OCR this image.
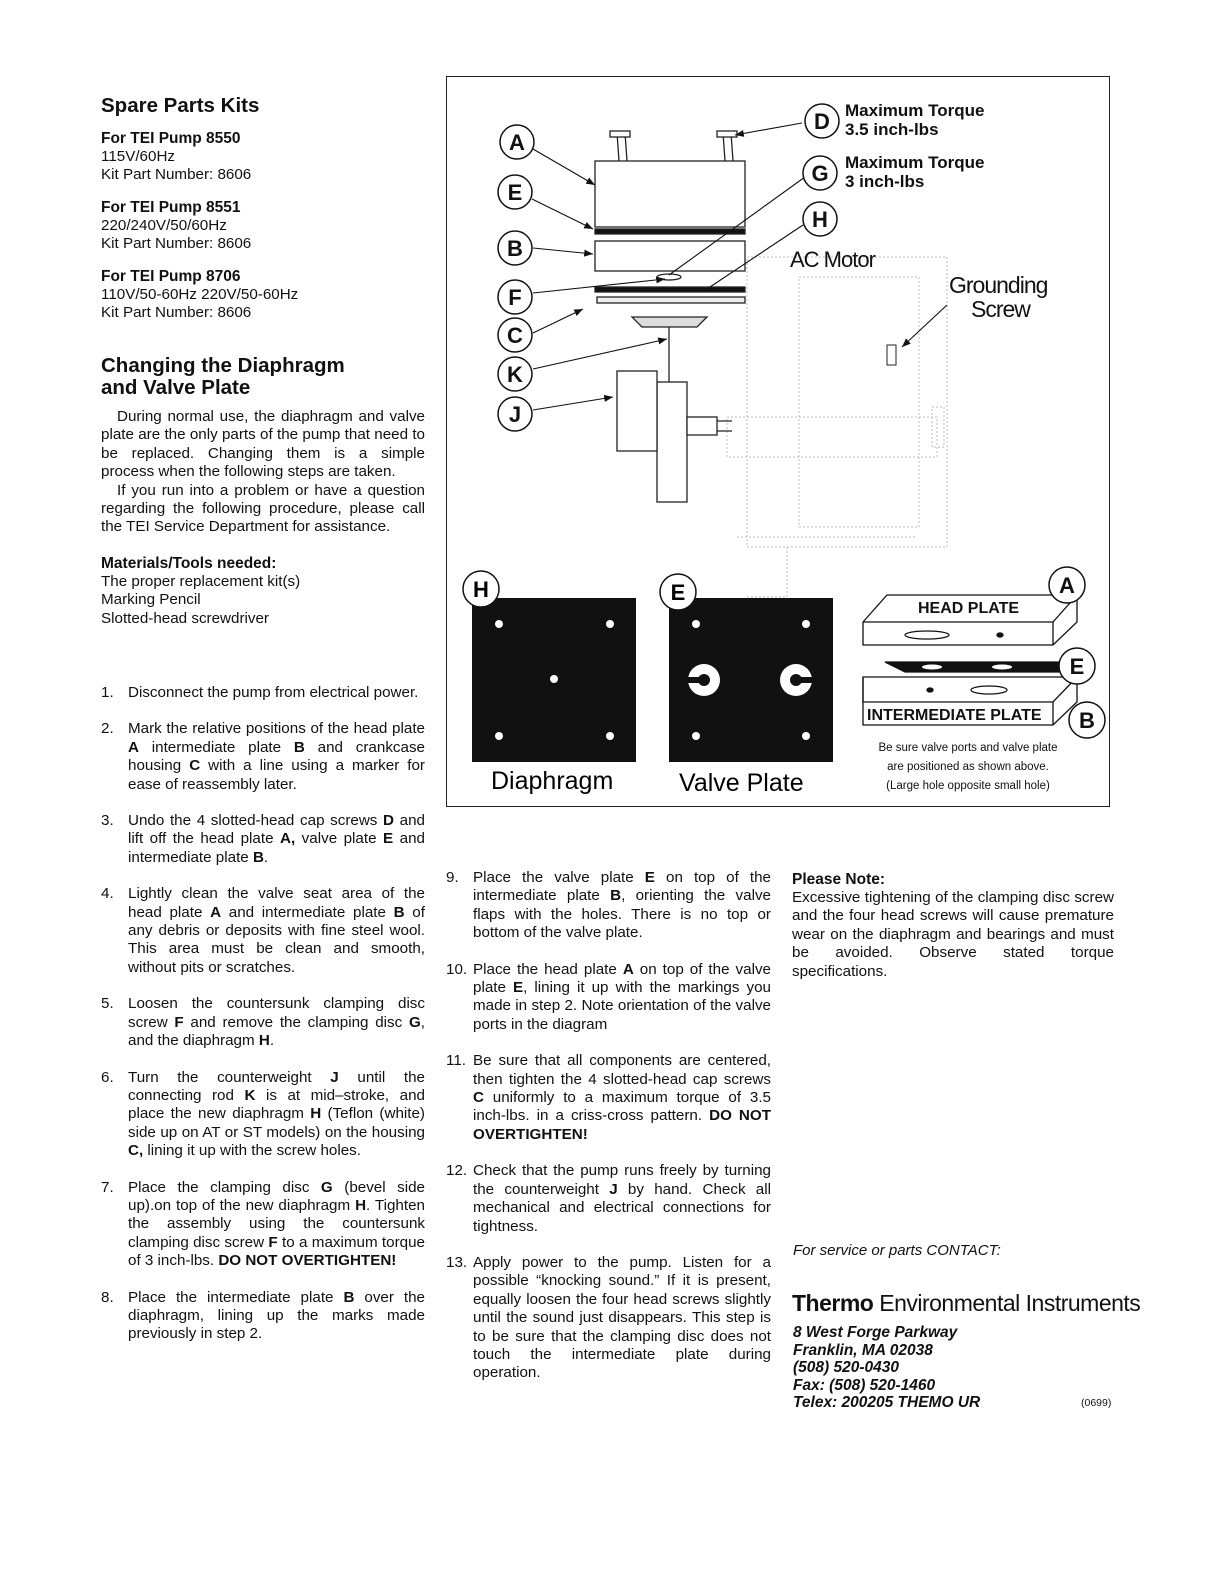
Spare Parts Kits
For TEI Pump 8550
115V/60Hz
Kit Part Number: 8606
For TEI Pump 8551
220/240V/50/60Hz
Kit Part Number: 8606
For TEI Pump 8706
110V/50-60Hz 220V/50-60Hz
Kit Part Number: 8606
Changing the Diaphragm
and Valve Plate

During normal use, the diaphragm and valve plate are the only parts of the pump that need to be replaced. Changing them is a simple process when the following steps are taken.

If you run into a problem or have a question regarding the following procedure, please call the TEI Service Department for assistance.

Materials/Tools needed:
The proper replacement kit(s)
Marking Pencil
Slotted-head screwdriver
1. Disconnect the pump from electrical power.
2. Mark the relative positions of the head plate A intermediate plate B and crankcase housing C with a line using a marker for ease of reassembly later.
3. Undo the 4 slotted-head cap screws D and lift off the head plate A, valve plate E and intermediate plate B.
4. Lightly clean the valve seat area of the head plate A and intermediate plate B of any debris or deposits with fine steel wool. This area must be clean and smooth, without pits or scratches.
5. Loosen the countersunk clamping disc screw F and remove the clamping disc G, and the diaphragm H.
6. Turn the counterweight J until the connecting rod K is at mid–stroke, and place the new diaphragm H (Teflon (white) side up on AT or ST models) on the housing C, lining it up with the screw holes.
7. Place the clamping disc G (bevel side up).on top of the new diaphragm H. Tighten the assembly using the countersunk clamping disc screw F to a maximum torque of 3 inch-lbs. DO NOT OVERTIGHTEN!
8. Place the intermediate plate B over the diaphragm, lining up the marks made previously in step 2.
A
E
B
F
C
K
J
D Maximum Torque
3.5 inch-lbs
G Maximum Torque
3 inch-lbs
H
AC Motor
Grounding
Screw
H
Diaphragm
E
Valve Plate
HEAD PLATE
INTERMEDIATE PLATE
A
E
B
Be sure valve ports and valve plate
are positioned as shown above.
(Large hole opposite small hole)
9. Place the valve plate E on top of the intermediate plate B, orienting the valve flaps with the holes. There is no top or bottom of the valve plate.
10. Place the head plate A on top of the valve plate E, lining it up with the markings you made in step 2. Note orientation of the valve ports in the diagram
11. Be sure that all components are centered, then tighten the 4 slotted-head cap screws C uniformly to a maximum torque of 3.5 inch-lbs. in a criss-cross pattern. DO NOT OVERTIGHTEN!
12. Check that the pump runs freely by turning the counterweight J by hand. Check all mechanical and electrical connections for tightness.
13. Apply power to the pump. Listen for a possible “knocking sound.” If it is present, equally loosen the four head screws slightly until the sound just disappears. This step is to be sure that the clamping disc does not touch the intermediate plate during operation.
Please Note:

Excessive tightening of the clamping disc screw and the four head screws will cause premature wear on the diaphragm and bearings and must be avoided. Observe stated torque specifications.

For service or parts CONTACT:
Thermo Environmental Instruments
8 West Forge Parkway
Franklin, MA 02038
(508) 520-0430
Fax: (508) 520-1460
Telex: 200205 THEMO UR	(0699)
